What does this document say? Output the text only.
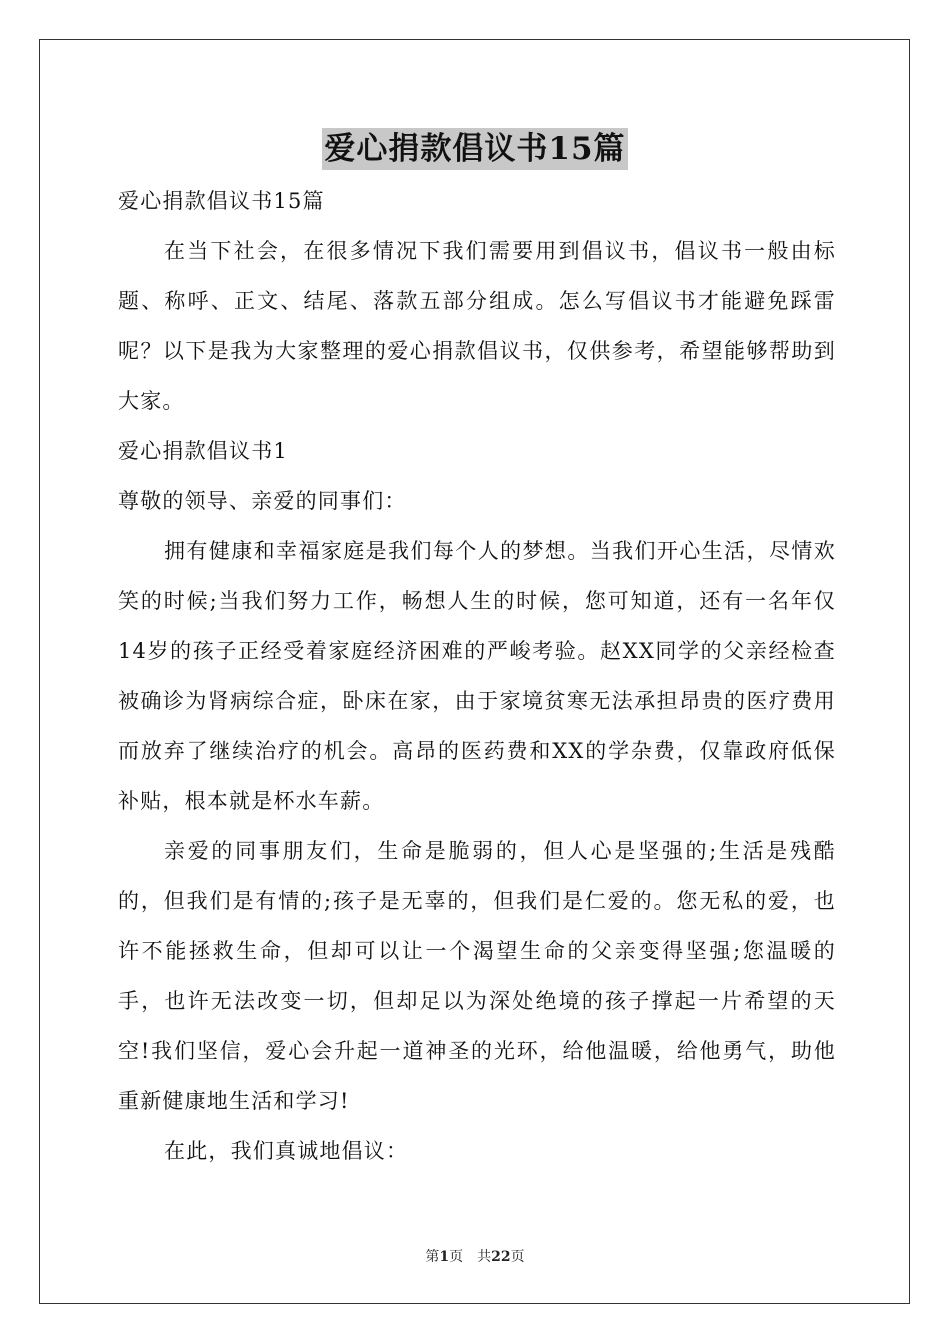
爱心捐款倡议书15篇

爱心捐款倡议书15篇

在当下社会，在很多情况下我们需要用到倡议书，倡议书一般由标题、称呼、正文、结尾、落款五部分组成。怎么写倡议书才能避免踩雷呢？以下是我为大家整理的爱心捐款倡议书，仅供参考，希望能够帮助到大家。

爱心捐款倡议书1

尊敬的领导、亲爱的同事们：

拥有健康和幸福家庭是我们每个人的梦想。当我们开心生活，尽情欢笑的时候;当我们努力工作，畅想人生的时候，您可知道，还有一名年仅14岁的孩子正经受着家庭经济困难的严峻考验。赵XX同学的父亲经检查被确诊为肾病综合症，卧床在家，由于家境贫寒无法承担昂贵的医疗费用而放弃了继续治疗的机会。高昂的医药费和XX的学杂费，仅靠政府低保补贴，根本就是杯水车薪。

亲爱的同事朋友们，生命是脆弱的，但人心是坚强的;生活是残酷的，但我们是有情的;孩子是无辜的，但我们是仁爱的。您无私的爱，也许不能拯救生命，但却可以让一个渴望生命的父亲变得坚强;您温暖的手，也许无法改变一切，但却足以为深处绝境的孩子撑起一片希望的天空!我们坚信，爱心会升起一道神圣的光环，给他温暖，给他勇气，助他重新健康地生活和学习!

在此，我们真诚地倡议：

第1页　共22页
